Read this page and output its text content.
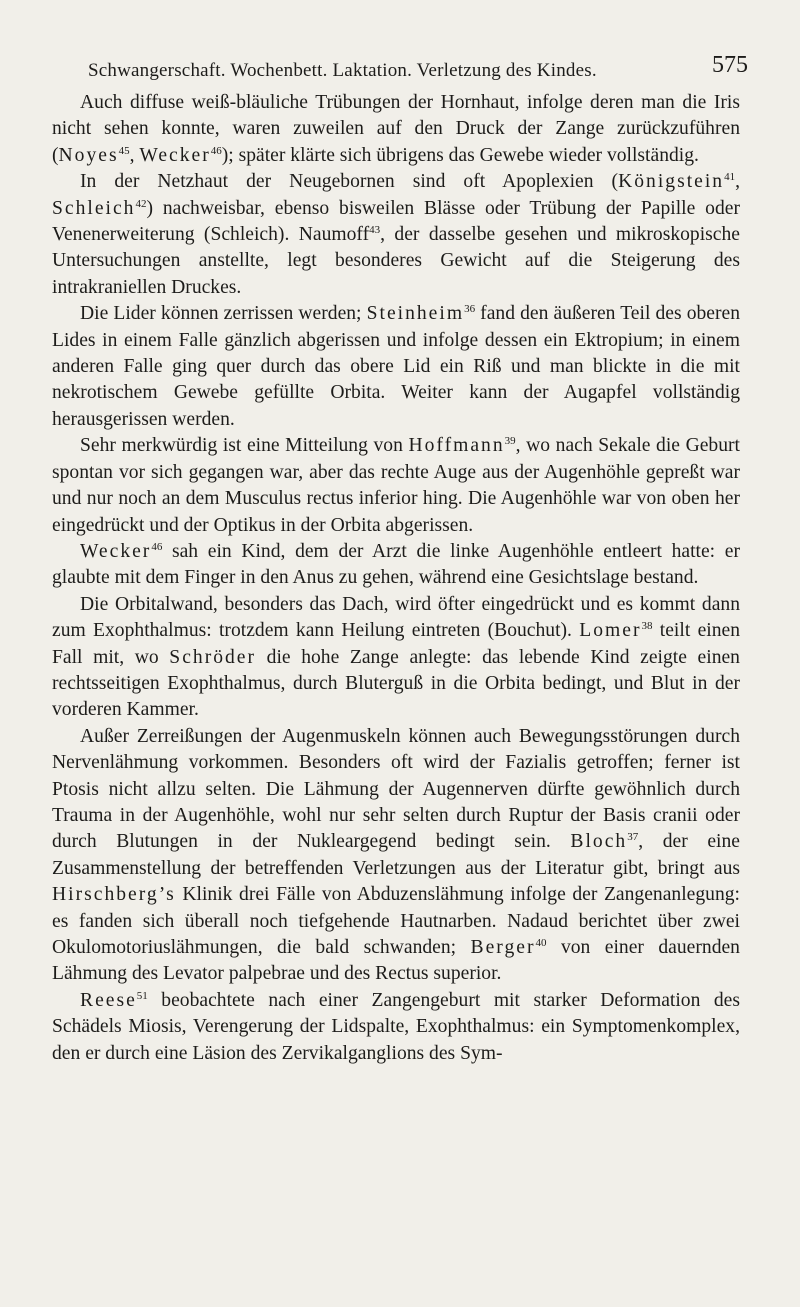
Schwangerschaft. Wochenbett. Laktation. Verletzung des Kindes.	575

Auch diffuse weiß-bläuliche Trübungen der Hornhaut, infolge deren man die Iris nicht sehen konnte, waren zuweilen auf den Druck der Zange zurückzuführen (Noyes$^{45}$, Wecker$^{46}$); später klärte sich übrigens das Gewebe wieder vollständig.

In der Netzhaut der Neugebornen sind oft Apoplexien (Königstein$^{41}$, Schleich$^{42}$) nachweisbar, ebenso bisweilen Blässe oder Trübung der Papille oder Venenerweiterung (Schleich). Naumoff$^{43}$, der dasselbe gesehen und mikroskopische Untersuchungen anstellte, legt besonderes Gewicht auf die Steigerung des intrakraniellen Druckes.

Die Lider können zerrissen werden; Steinheim$^{36}$ fand den äußeren Teil des oberen Lides in einem Falle gänzlich abgerissen und infolge dessen ein Ektropium; in einem anderen Falle ging quer durch das obere Lid ein Riß und man blickte in die mit nekrotischem Gewebe gefüllte Orbita. Weiter kann der Augapfel vollständig herausgerissen werden.

Sehr merkwürdig ist eine Mitteilung von Hoffmann$^{39}$, wo nach Sekale die Geburt spontan vor sich gegangen war, aber das rechte Auge aus der Augenhöhle gepreßt war und nur noch an dem Musculus rectus inferior hing. Die Augenhöhle war von oben her eingedrückt und der Optikus in der Orbita abgerissen.

Wecker$^{46}$ sah ein Kind, dem der Arzt die linke Augenhöhle entleert hatte: er glaubte mit dem Finger in den Anus zu gehen, während eine Gesichtslage bestand.

Die Orbitalwand, besonders das Dach, wird öfter eingedrückt und es kommt dann zum Exophthalmus: trotzdem kann Heilung eintreten (Bouchut). Lomer$^{38}$ teilt einen Fall mit, wo Schröder die hohe Zange anlegte: das lebende Kind zeigte einen rechtsseitigen Exophthalmus, durch Bluterguß in die Orbita bedingt, und Blut in der vorderen Kammer.

Außer Zerreißungen der Augenmuskeln können auch Bewegungsstörungen durch Nervenlähmung vorkommen. Besonders oft wird der Fazialis getroffen; ferner ist Ptosis nicht allzu selten. Die Lähmung der Augennerven dürfte gewöhnlich durch Trauma in der Augenhöhle, wohl nur sehr selten durch Ruptur der Basis cranii oder durch Blutungen in der Nukleargegend bedingt sein. Bloch$^{37}$, der eine Zusammenstellung der betreffenden Verletzungen aus der Literatur gibt, bringt aus Hirschberg’s Klinik drei Fälle von Abduzenslähmung infolge der Zangenanlegung: es fanden sich überall noch tiefgehende Hautnarben. Nadaud berichtet über zwei Okulomotoriuslähmungen, die bald schwanden; Berger$^{40}$ von einer dauernden Lähmung des Levator palpebrae und des Rectus superior.

Reese$^{51}$ beobachtete nach einer Zangengeburt mit starker Deformation des Schädels Miosis, Verengerung der Lidspalte, Exophthalmus: ein Symptomenkomplex, den er durch eine Läsion des Zervikalganglions des Sym-
